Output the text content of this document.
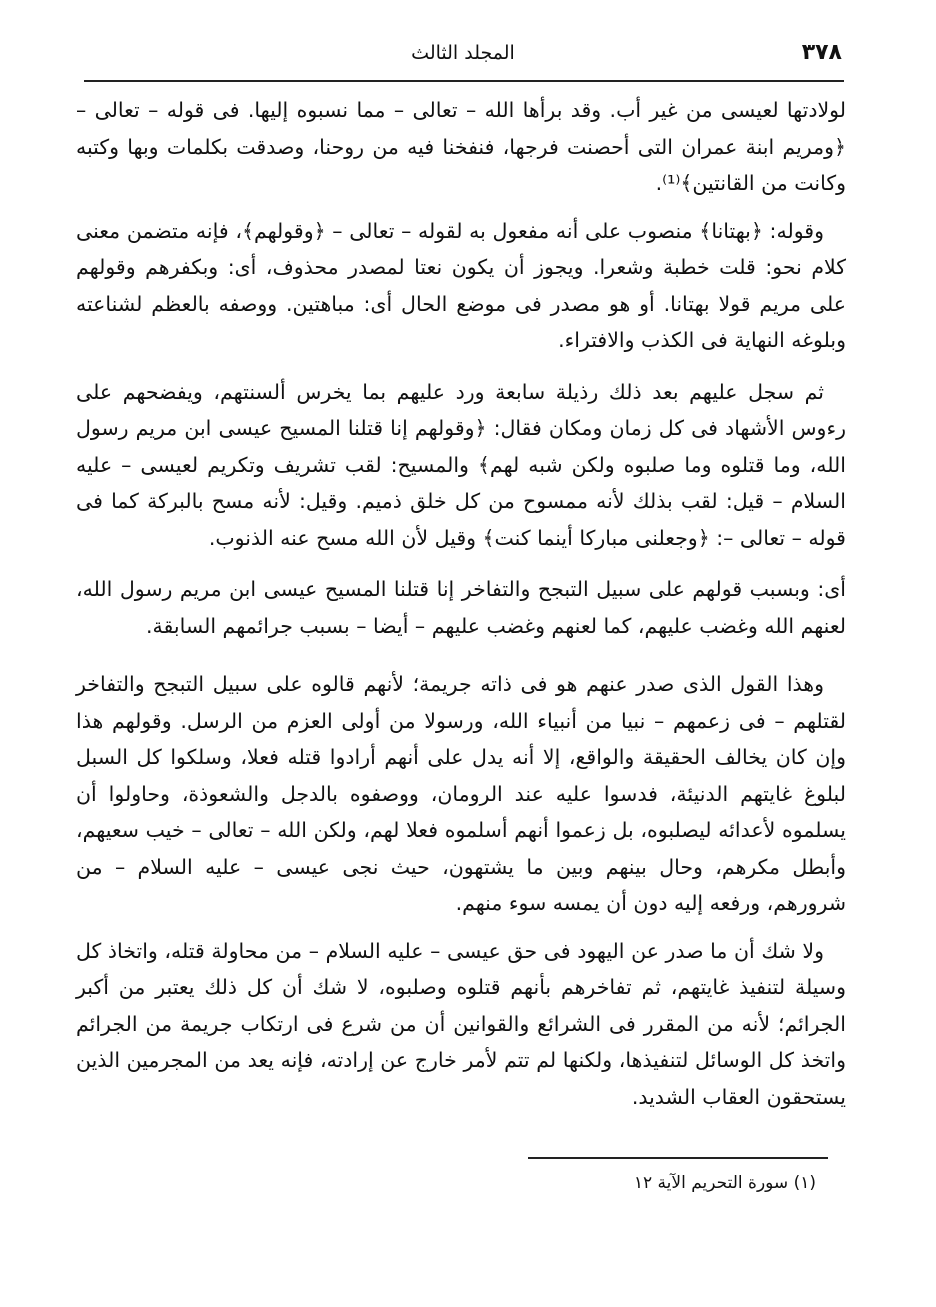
٣٧٨
المجلد الثالث

لولادتها لعيسى من غير أب. وقد برأها الله – تعالى – مما نسبوه إليها. فى قوله – تعالى – ﴿ومريم ابنة عمران التى أحصنت فرجها، فنفخنا فيه من روحنا، وصدقت بكلمات وبها وكتبه وكانت من القانتين﴾⁽¹⁾.

وقوله: ﴿بهتانا﴾ منصوب على أنه مفعول به لقوله – تعالى – ﴿وقولهم﴾، فإنه متضمن معنى كلام نحو: قلت خطبة وشعرا. ويجوز أن يكون نعتا لمصدر محذوف، أى: وبكفرهم وقولهم على مريم قولا بهتانا. أو هو مصدر فى موضع الحال أى: مباهتين. ووصفه بالعظم لشناعته وبلوغه النهاية فى الكذب والافتراء.

ثم سجل عليهم بعد ذلك رذيلة سابعة ورد عليهم بما يخرس ألسنتهم، ويفضحهم على رءوس الأشهاد فى كل زمان ومكان فقال: ﴿وقولهم إنا قتلنا المسيح عيسى ابن مريم رسول الله، وما قتلوه وما صلبوه ولكن شبه لهم﴾ والمسيح: لقب تشريف وتكريم لعيسى – عليه السلام – قيل: لقب بذلك لأنه ممسوح من كل خلق ذميم. وقيل: لأنه مسح بالبركة كما فى قوله – تعالى –: ﴿وجعلنى مباركا أينما كنت﴾ وقيل لأن الله مسح عنه الذنوب.

أى: وبسبب قولهم على سبيل التبجح والتفاخر إنا قتلنا المسيح عيسى ابن مريم رسول الله، لعنهم الله وغضب عليهم، كما لعنهم وغضب عليهم – أيضا – بسبب جرائمهم السابقة.

وهذا القول الذى صدر عنهم هو فى ذاته جريمة؛ لأنهم قالوه على سبيل التبجح والتفاخر لقتلهم – فى زعمهم – نبيا من أنبياء الله، ورسولا من أولى العزم من الرسل. وقولهم هذا وإن كان يخالف الحقيقة والواقع، إلا أنه يدل على أنهم أرادوا قتله فعلا، وسلكوا كل السبل لبلوغ غايتهم الدنيئة، فدسوا عليه عند الرومان، ووصفوه بالدجل والشعوذة، وحاولوا أن يسلموه لأعدائه ليصلبوه، بل زعموا أنهم أسلموه فعلا لهم، ولكن الله – تعالى – خيب سعيهم، وأبطل مكرهم، وحال بينهم وبين ما يشتهون، حيث نجى عيسى – عليه السلام – من شرورهم، ورفعه إليه دون أن يمسه سوء منهم.

ولا شك أن ما صدر عن اليهود فى حق عيسى – عليه السلام – من محاولة قتله، واتخاذ كل وسيلة لتنفيذ غايتهم، ثم تفاخرهم بأنهم قتلوه وصلبوه، لا شك أن كل ذلك يعتبر من أكبر الجرائم؛ لأنه من المقرر فى الشرائع والقوانين أن من شرع فى ارتكاب جريمة من الجرائم واتخذ كل الوسائل لتنفيذها، ولكنها لم تتم لأمر خارج عن إرادته، فإنه يعد من المجرمين الذين يستحقون العقاب الشديد.

(١) سورة التحريم الآية ١٢
